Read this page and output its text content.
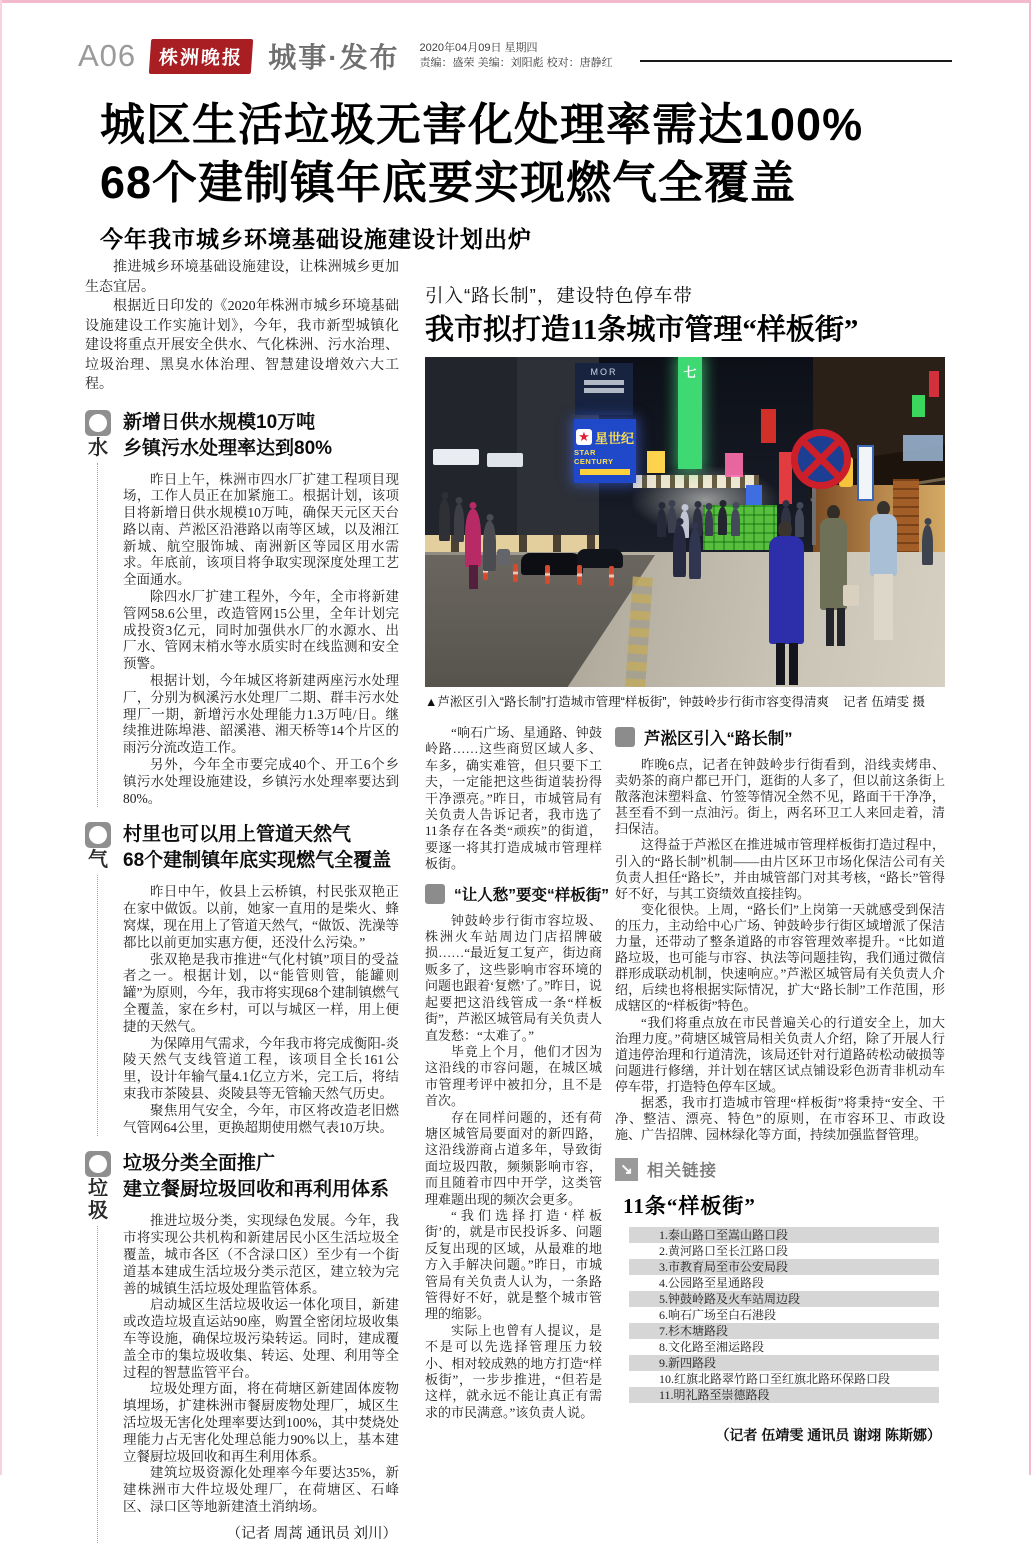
A06	株洲晚报 城事·发布 2020年04月09日 星期四
责编：盛荣 美编：刘阳彪 校对：唐静红
城区生活垃圾无害化处理率需达100%
68个建制镇年底要实现燃气全覆盖
今年我市城乡环境基础设施建设计划出炉

推进城乡环境基础设施建设，让株洲城乡更加生态宜居。

根据近日印发的《2020年株洲市城乡环境基础设施建设工作实施计划》，今年，我市新型城镇化建设将重点开展安全供水、气化株洲、污水治理、垃圾治理、黑臭水体治理、智慧建设增效六大工程。

水
新增日供水规模10万吨
乡镇污水处理率达到80%

昨日上午，株洲市四水厂扩建工程项目现场，工作人员正在加紧施工。根据计划，该项目将新增日供水规模10万吨，确保天元区天台路以南、芦淞区沿港路以南等区域，以及湘江新城、航空服饰城、南洲新区等园区用水需求。年底前，该项目将争取实现深度处理工艺全面通水。

除四水厂扩建工程外，今年，全市将新建管网58.6公里，改造管网15公里，全年计划完成投资3亿元，同时加强供水厂的水源水、出厂水、管网末梢水等水质实时在线监测和安全预警。

根据计划，今年城区将新建两座污水处理厂，分别为枫溪污水处理厂二期、群丰污水处理厂一期，新增污水处理能力1.3万吨/日。继续推进陈埠港、韶溪港、湘天桥等14个片区的雨污分流改造工作。

另外，今年全市要完成40个、开工6个乡镇污水处理设施建设，乡镇污水处理率要达到80%。

气
村里也可以用上管道天然气
68个建制镇年底实现燃气全覆盖

昨日中午，攸县上云桥镇，村民张双艳正在家中做饭。以前，她家一直用的是柴火、蜂窝煤，现在用上了管道天然气，“做饭、洗澡等都比以前更加实惠方便，还没什么污染。”

张双艳是我市推进“气化村镇”项目的受益者之一。根据计划，以“能管则管，能罐则罐”为原则，今年，我市将实现68个建制镇燃气全覆盖，家在乡村，可以与城区一样，用上便捷的天然气。

为保障用气需求，今年我市将完成衡阳-炎陵天然气支线管道工程，该项目全长161公里，设计年输气量4.1亿立方米，完工后，将结束我市茶陵县、炎陵县等无管输天然气历史。

聚焦用气安全，今年，市区将改造老旧燃气管网64公里，更换超期使用燃气表10万块。

垃圾
垃圾分类全面推广
建立餐厨垃圾回收和再利用体系

推进垃圾分类，实现绿色发展。今年，我市将实现公共机构和新建居民小区生活垃圾全覆盖，城市各区（不含渌口区）至少有一个街道基本建成生活垃圾分类示范区，建立较为完善的城镇生活垃圾处理监管体系。

启动城区生活垃圾收运一体化项目，新建或改造垃圾直运站90座，购置全密闭垃圾收集车等设施，确保垃圾污染转运。同时，建成覆盖全市的集垃圾收集、转运、处理、利用等全过程的智慧监管平台。

垃圾处理方面，将在荷塘区新建固体废物填埋场，扩建株洲市餐厨废物处理厂，城区生活垃圾无害化处理率要达到100%，其中焚烧处理能力占无害化处理总能力90%以上，基本建立餐厨垃圾回收和再生利用体系。

建筑垃圾资源化处理率今年要达35%，新建株洲市大件垃圾处理厂，在荷塘区、石峰区、渌口区等地新建渣土消纳场。

（记者 周蒿 通讯员 刘川）
引入“路长制”，建设特色停车带
我市拟打造11条城市管理“样板街”
MOR
★ 星世纪
STAR CENTURY
七
▲芦淞区引入“路长制”打造城市管理“样板街”，钟鼓岭步行街市容变得清爽 记者 伍靖雯 摄

“响石广场、星通路、钟鼓岭路……这些商贸区域人多、车多，确实难管，但只要下工夫，一定能把这些街道装扮得干净漂亮。”昨日，市城管局有关负责人告诉记者，我市选了11条存在各类“顽疾”的街道，要逐一将其打造成城市管理样板街。

“让人愁”要变“样板街”

钟鼓岭步行街市容垃圾、株洲火车站周边门店招牌破损……“最近复工复产，街边商贩多了，这些影响市容环境的问题也跟着‘复燃’了。”昨日，说起要把这沿线管成一条“样板街”，芦淞区城管局有关负责人直发愁：“太难了。”

毕竟上个月，他们才因为这沿线的市容问题，在城区城市管理考评中被扣分，且不是首次。

存在同样问题的，还有荷塘区城管局要面对的新四路，这沿线游商占道多年，导致街面垃圾四散，频频影响市容，而且随着市四中开学，这类管理难题出现的频次会更多。

“我们选择打造‘样板街’的，就是市民投诉多、问题反复出现的区域，从最难的地方入手解决问题。”昨日，市城管局有关负责人认为，一条路管得好不好，就是整个城市管理的缩影。

实际上也曾有人提议，是不是可以先选择管理压力较小、相对较成熟的地方打造“样板街”，一步步推进，“但若是这样，就永远不能让真正有需求的市民满意。”该负责人说。

芦淞区引入“路长制”

昨晚6点，记者在钟鼓岭步行街看到，沿线卖烤串、卖奶茶的商户都已开门，逛街的人多了，但以前这条街上散落泡沫塑料盒、竹签等情况全然不见，路面干干净净，甚至看不到一点油污。街上，两名环卫工人来回走着，清扫保洁。

这得益于芦淞区在推进城市管理样板街打造过程中，引入的“路长制”机制——由片区环卫市场化保洁公司有关负责人担任“路长”，并由城管部门对其考核，“路长”管得好不好，与其工资绩效直接挂钩。

变化很快。上周，“路长们”上岗第一天就感受到保洁的压力，主动给中心广场、钟鼓岭步行街区域增派了保洁力量，还带动了整条道路的市容管理效率提升。“比如道路垃圾，也可能与市容、执法等问题挂钩，我们通过微信群形成联动机制，快速响应。”芦淞区城管局有关负责人介绍，后续也将根据实际情况，扩大“路长制”工作范围，形成辖区的“样板街”特色。

“我们将重点放在市民普遍关心的行道安全上，加大治理力度。”荷塘区城管局相关负责人介绍，除了开展人行道违停治理和行道清洗，该局还针对行道路砖松动破损等问题进行修缮，并计划在辖区试点铺设彩色沥青非机动车停车带，打造特色停车区域。

据悉，我市打造城市管理“样板街”将秉持“安全、干净、整洁、漂亮、特色”的原则，在市容环卫、市政设施、广告招牌、园林绿化等方面，持续加强监督管理。

↘ 相关链接
11条“样板街”
1.泰山路口至嵩山路口段
2.黄河路口至长江路口段
3.市教育局至市公安局段
4.公园路至星通路段
5.钟鼓岭路及火车站周边段
6.响石广场至白石港段
7.杉木塘路段
8.文化路至湘运路段
9.新四路段
10.红旗北路翠竹路口至红旗北路环保路口段
11.明礼路至崇德路段
（记者 伍靖雯 通讯员 谢翊 陈斯娜）
